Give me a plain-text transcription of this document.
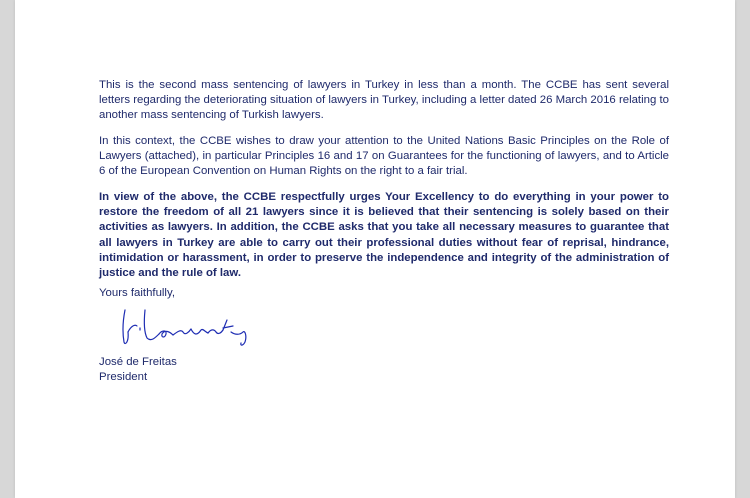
This is the second mass sentencing of lawyers in Turkey in less than a month. The CCBE has sent several letters regarding the deteriorating situation of lawyers in Turkey, including a letter dated 26 March 2016 relating to another mass sentencing of Turkish lawyers.

In this context, the CCBE wishes to draw your attention to the United Nations Basic Principles on the Role of Lawyers (attached), in particular Principles 16 and 17 on Guarantees for the functioning of lawyers, and to Article 6 of the European Convention on Human Rights on the right to a fair trial.

In view of the above, the CCBE respectfully urges Your Excellency to do everything in your power to restore the freedom of all 21 lawyers since it is believed that their sentencing is solely based on their activities as lawyers. In addition, the CCBE asks that you take all necessary measures to guarantee that all lawyers in Turkey are able to carry out their professional duties without fear of reprisal, hindrance, intimidation or harassment, in order to preserve the independence and integrity of the administration of justice and the rule of law.

Yours faithfully,

José de Freitas

President
